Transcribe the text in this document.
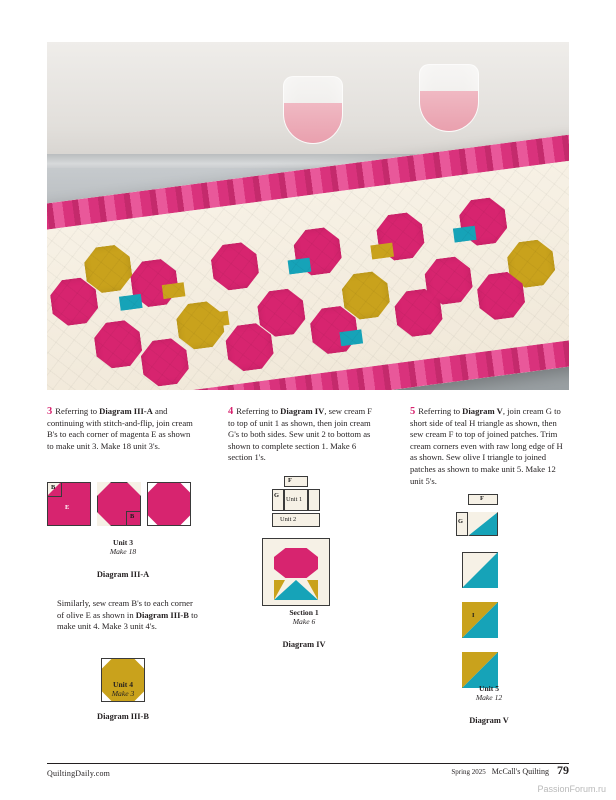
3 Referring to Diagram III-A and continuing with stitch-and-flip, join cream B's to each corner of magenta E as shown to make unit 3. Make 18 unit 3's.

B
E
B
Unit 3
Make 18
Diagram III-A

Similarly, sew cream B's to each corner of olive E as shown in Diagram III-B to make unit 4. Make 3 unit 4's.

Unit 4
Make 3
Diagram III-B

4 Referring to Diagram IV, sew cream F to top of unit 1 as shown, then join cream G's to both sides. Sew unit 2 to bottom as shown to complete section 1. Make 6 section 1's.

F
G
Unit 1
Unit 2
Section 1
Make 6
Diagram IV

5 Referring to Diagram V, join cream G to short side of teal H triangle as shown, then sew cream F to top of joined patches. Trim cream corners even with raw long edge of H as shown. Sew olive I triangle to joined patches as shown to make unit 5. Make 12 unit 5's.

F
G
I
Unit 5
Make 12
Diagram V
QuiltingDaily.com	Spring 2025 McCall's Quilting 79
PassionForum.ru
